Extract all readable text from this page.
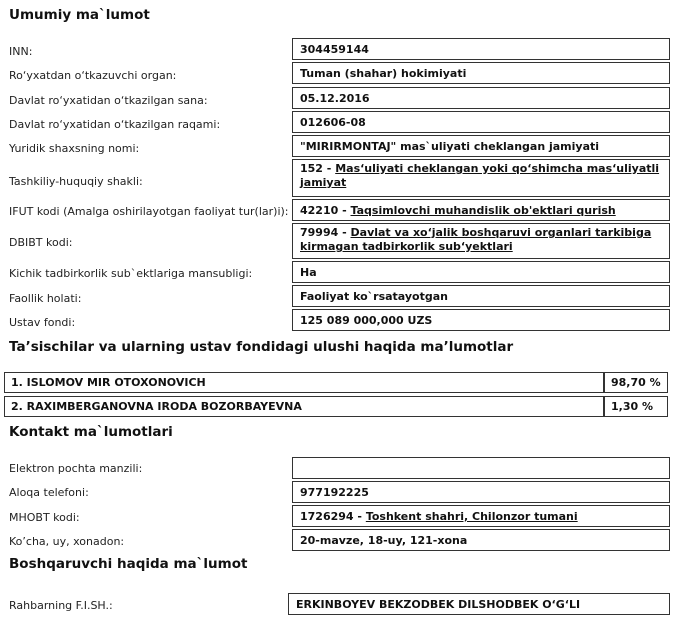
Umumiy ma`lumot
INN:	304459144
Ro‘yxatdan o‘tkazuvchi organ:	Tuman (shahar) hokimiyati
Davlat ro‘yxatidan o‘tkazilgan sana:	05.12.2016
Davlat ro‘yxatidan o‘tkazilgan raqami:	012606-08
Yuridik shaxsning nomi:	"MIRIRMONTAJ" mas`uliyati cheklangan jamiyati
Tashkiliy-huquqiy shakli:
152 - Mas‘uliyati cheklangan yoki qo‘shimcha mas‘uliyatli jamiyat
IFUT kodi (Amalga oshirilayotgan faoliyat tur(lar)i): 42210 - Taqsimlovchi muhandislik ob'ektlari qurish
DBIBT kodi:
79994 - Davlat va xo‘jalik boshqaruvi organlari tarkibiga kirmagan tadbirkorlik sub‘yektlari
Kichik tadbirkorlik sub`ektlariga mansubligi:	Ha
Faollik holati:	Faoliyat ko`rsatayotgan
Ustav fondi:	125 089 000,000 UZS
Ta’sischilar va ularning ustav fondidagi ulushi haqida ma’lumotlar
1. ISLOMOV MIR OTOXONOVICH	98,70 %
2. RAXIMBERGANOVNA IRODA BOZORBAYEVNA	1,30 %
Kontakt ma`lumotlari
Elektron pochta manzili:
Aloqa telefoni:	977192225
MHOBT kodi:	1726294 - Toshkent shahri, Chilonzor tumani
Ko’cha, uy, xonadon:	20-mavze, 18-uy, 121-xona
Boshqaruvchi haqida ma`lumot
Rahbarning F.I.SH.:	ERKINBOYEV BEKZODBEK DILSHODBEK O‘G‘LI
